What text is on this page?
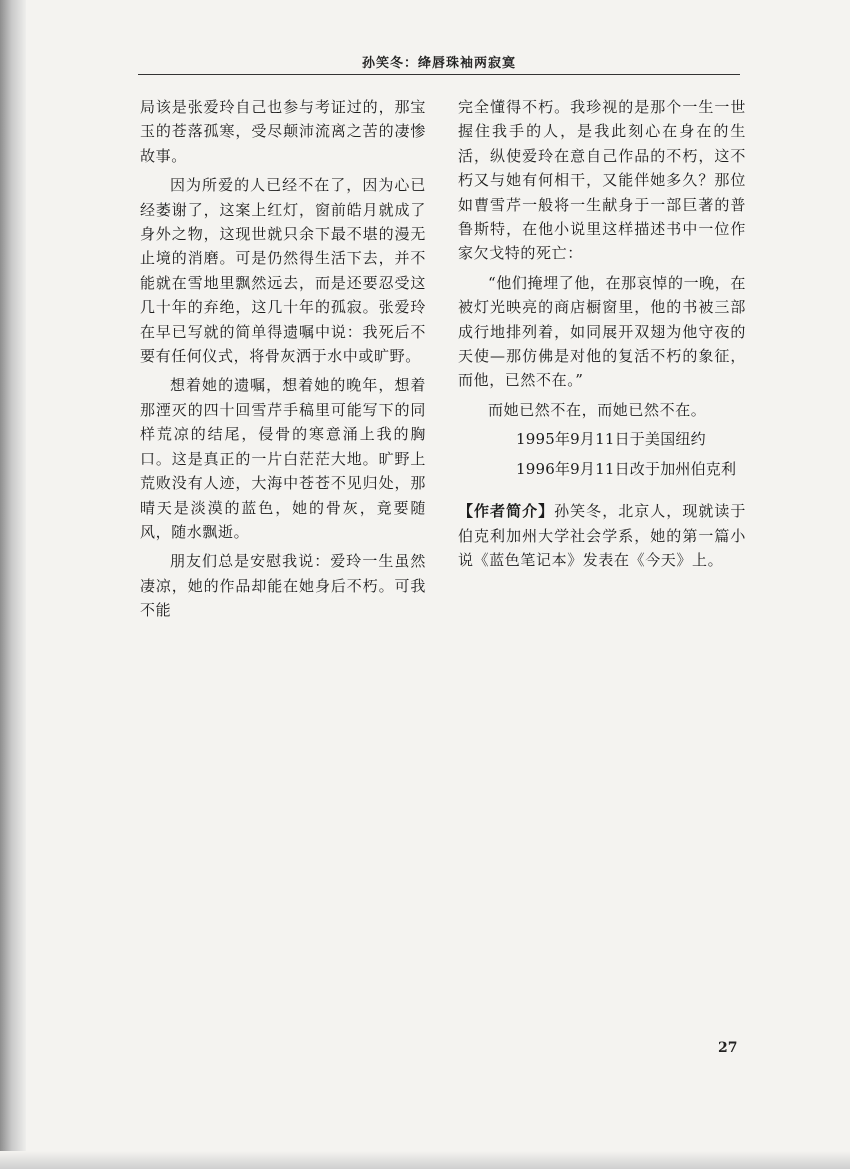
孙笑冬：绛唇珠袖两寂寞

局该是张爱玲自己也参与考证过的，那宝玉的苍落孤寒，受尽颠沛流离之苦的凄惨故事。

因为所爱的人已经不在了，因为心已经萎谢了，这案上红灯，窗前皓月就成了身外之物，这现世就只余下最不堪的漫无止境的消磨。可是仍然得生活下去，并不能就在雪地里飘然远去，而是还要忍受这几十年的弃绝，这几十年的孤寂。张爱玲在早已写就的简单得遗嘱中说：我死后不要有任何仪式，将骨灰洒于水中或旷野。

想着她的遗嘱，想着她的晚年，想着那湮灭的四十回雪芹手稿里可能写下的同样荒凉的结尾，侵骨的寒意涌上我的胸口。这是真正的一片白茫茫大地。旷野上荒败没有人迹，大海中苍苍不见归处，那晴天是淡漠的蓝色，她的骨灰，竟要随风，随水飘逝。

朋友们总是安慰我说：爱玲一生虽然凄凉，她的作品却能在她身后不朽。可我不能

完全懂得不朽。我珍视的是那个一生一世握住我手的人，是我此刻心在身在的生活，纵使爱玲在意自己作品的不朽，这不朽又与她有何相干，又能伴她多久？那位如曹雪芹一般将一生献身于一部巨著的普鲁斯特，在他小说里这样描述书中一位作家欠戈特的死亡：

“他们掩埋了他，在那哀悼的一晚，在被灯光映亮的商店橱窗里，他的书被三部成行地排列着，如同展开双翅为他守夜的天使—那仿佛是对他的复活不朽的象征，而他，已然不在。”

而她已然不在，而她已然不在。

1995年9月11日于美国纽约

1996年9月11日改于加州伯克利

【作者简介】孙笑冬，北京人，现就读于伯克利加州大学社会学系，她的第一篇小说《蓝色笔记本》发表在《今天》上。

27
